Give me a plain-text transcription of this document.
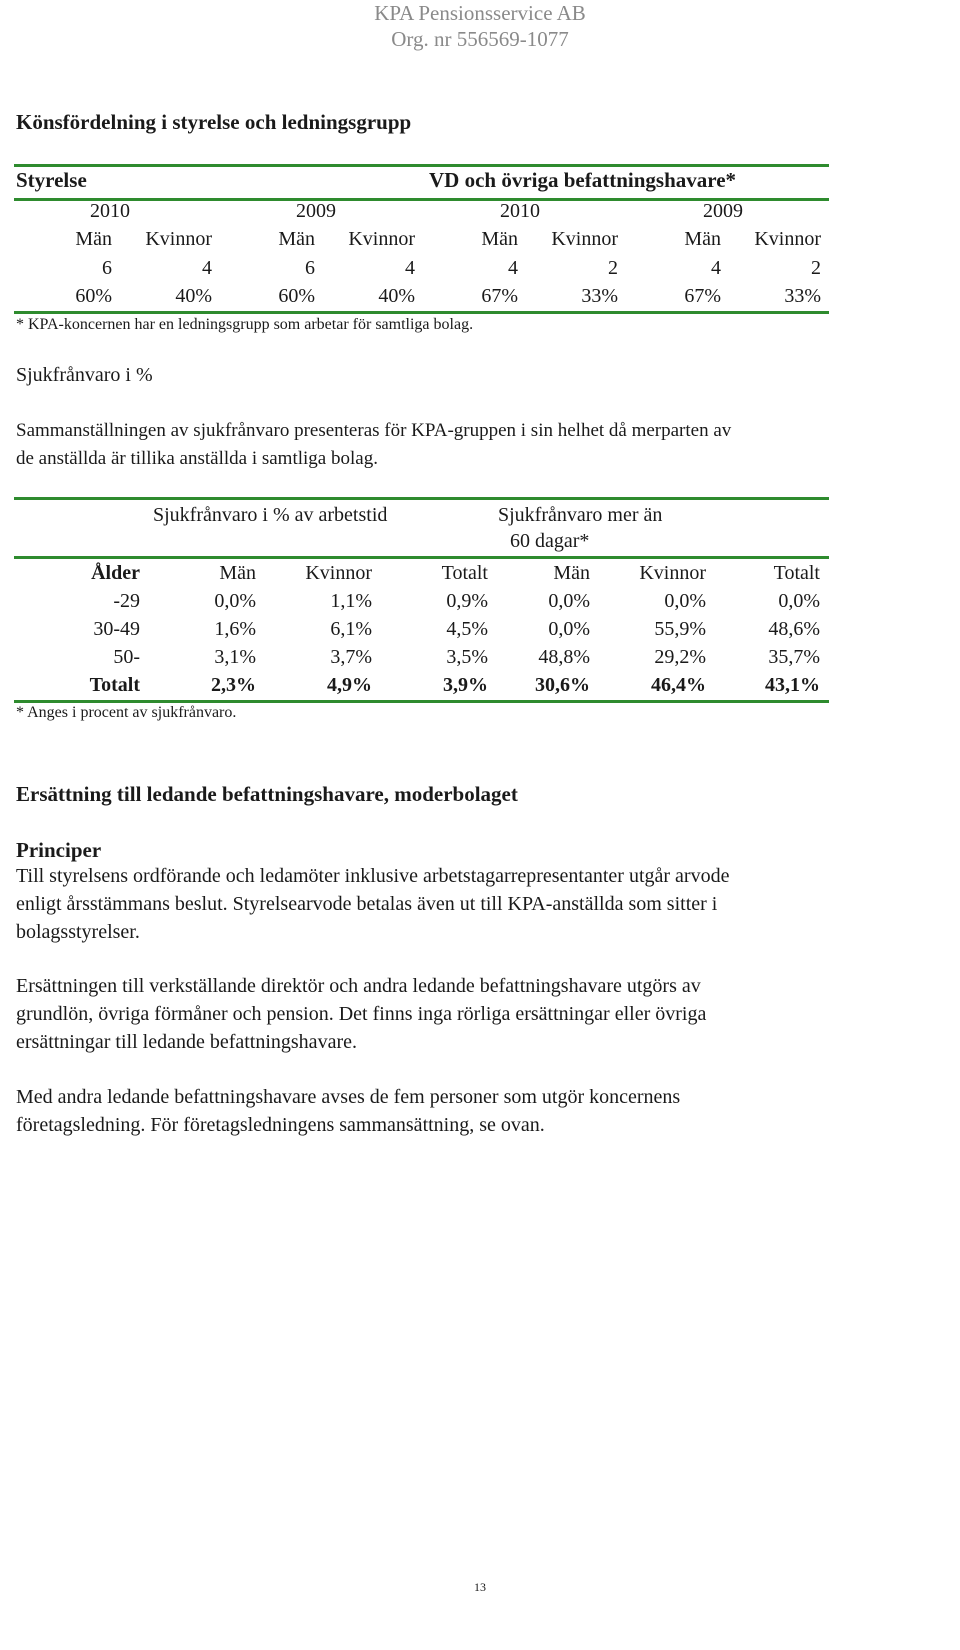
KPA Pensionsservice AB
Org. nr 556569-1077
Könsfördelning i styrelse och ledningsgrupp
Styrelse	VD och övriga befattningshavare*
2010	2009	2010	2009
Män	Kvinnor	Män	Kvinnor	Män	Kvinnor	Män	Kvinnor
6	4	6	4	4	2	4	2
60%	40%	60%	40%	67%	33%	67%	33%
* KPA-koncernen har en ledningsgrupp som arbetar för samtliga bolag.
Sjukfrånvaro i %
Sammanställningen av sjukfrånvaro presenteras för KPA-gruppen i sin helhet då merparten av
de anställda är tillika anställda i samtliga bolag.
Sjukfrånvaro i % av arbetstid	Sjukfrånvaro mer än
60 dagar*
Ålder	Män	Kvinnor	Totalt	Män	Kvinnor	Totalt
-29	0,0%	1,1%	0,9%	0,0%	0,0%	0,0%
30-49	1,6%	6,1%	4,5%	0,0%	55,9%	48,6%
50-	3,1%	3,7%	3,5%	48,8%	29,2%	35,7%
Totalt	2,3%	4,9%	3,9%	30,6%	46,4%	43,1%
* Anges i procent av sjukfrånvaro.
Ersättning till ledande befattningshavare, moderbolaget
Principer
Till styrelsens ordförande och ledamöter inklusive arbetstagarrepresentanter utgår arvode
enligt årsstämmans beslut. Styrelsearvode betalas även ut till KPA-anställda som sitter i
bolagsstyrelser.
Ersättningen till verkställande direktör och andra ledande befattningshavare utgörs av
grundlön, övriga förmåner och pension. Det finns inga rörliga ersättningar eller övriga
ersättningar till ledande befattningshavare.
Med andra ledande befattningshavare avses de fem personer som utgör koncernens
företagsledning. För företagsledningens sammansättning, se ovan.
13
